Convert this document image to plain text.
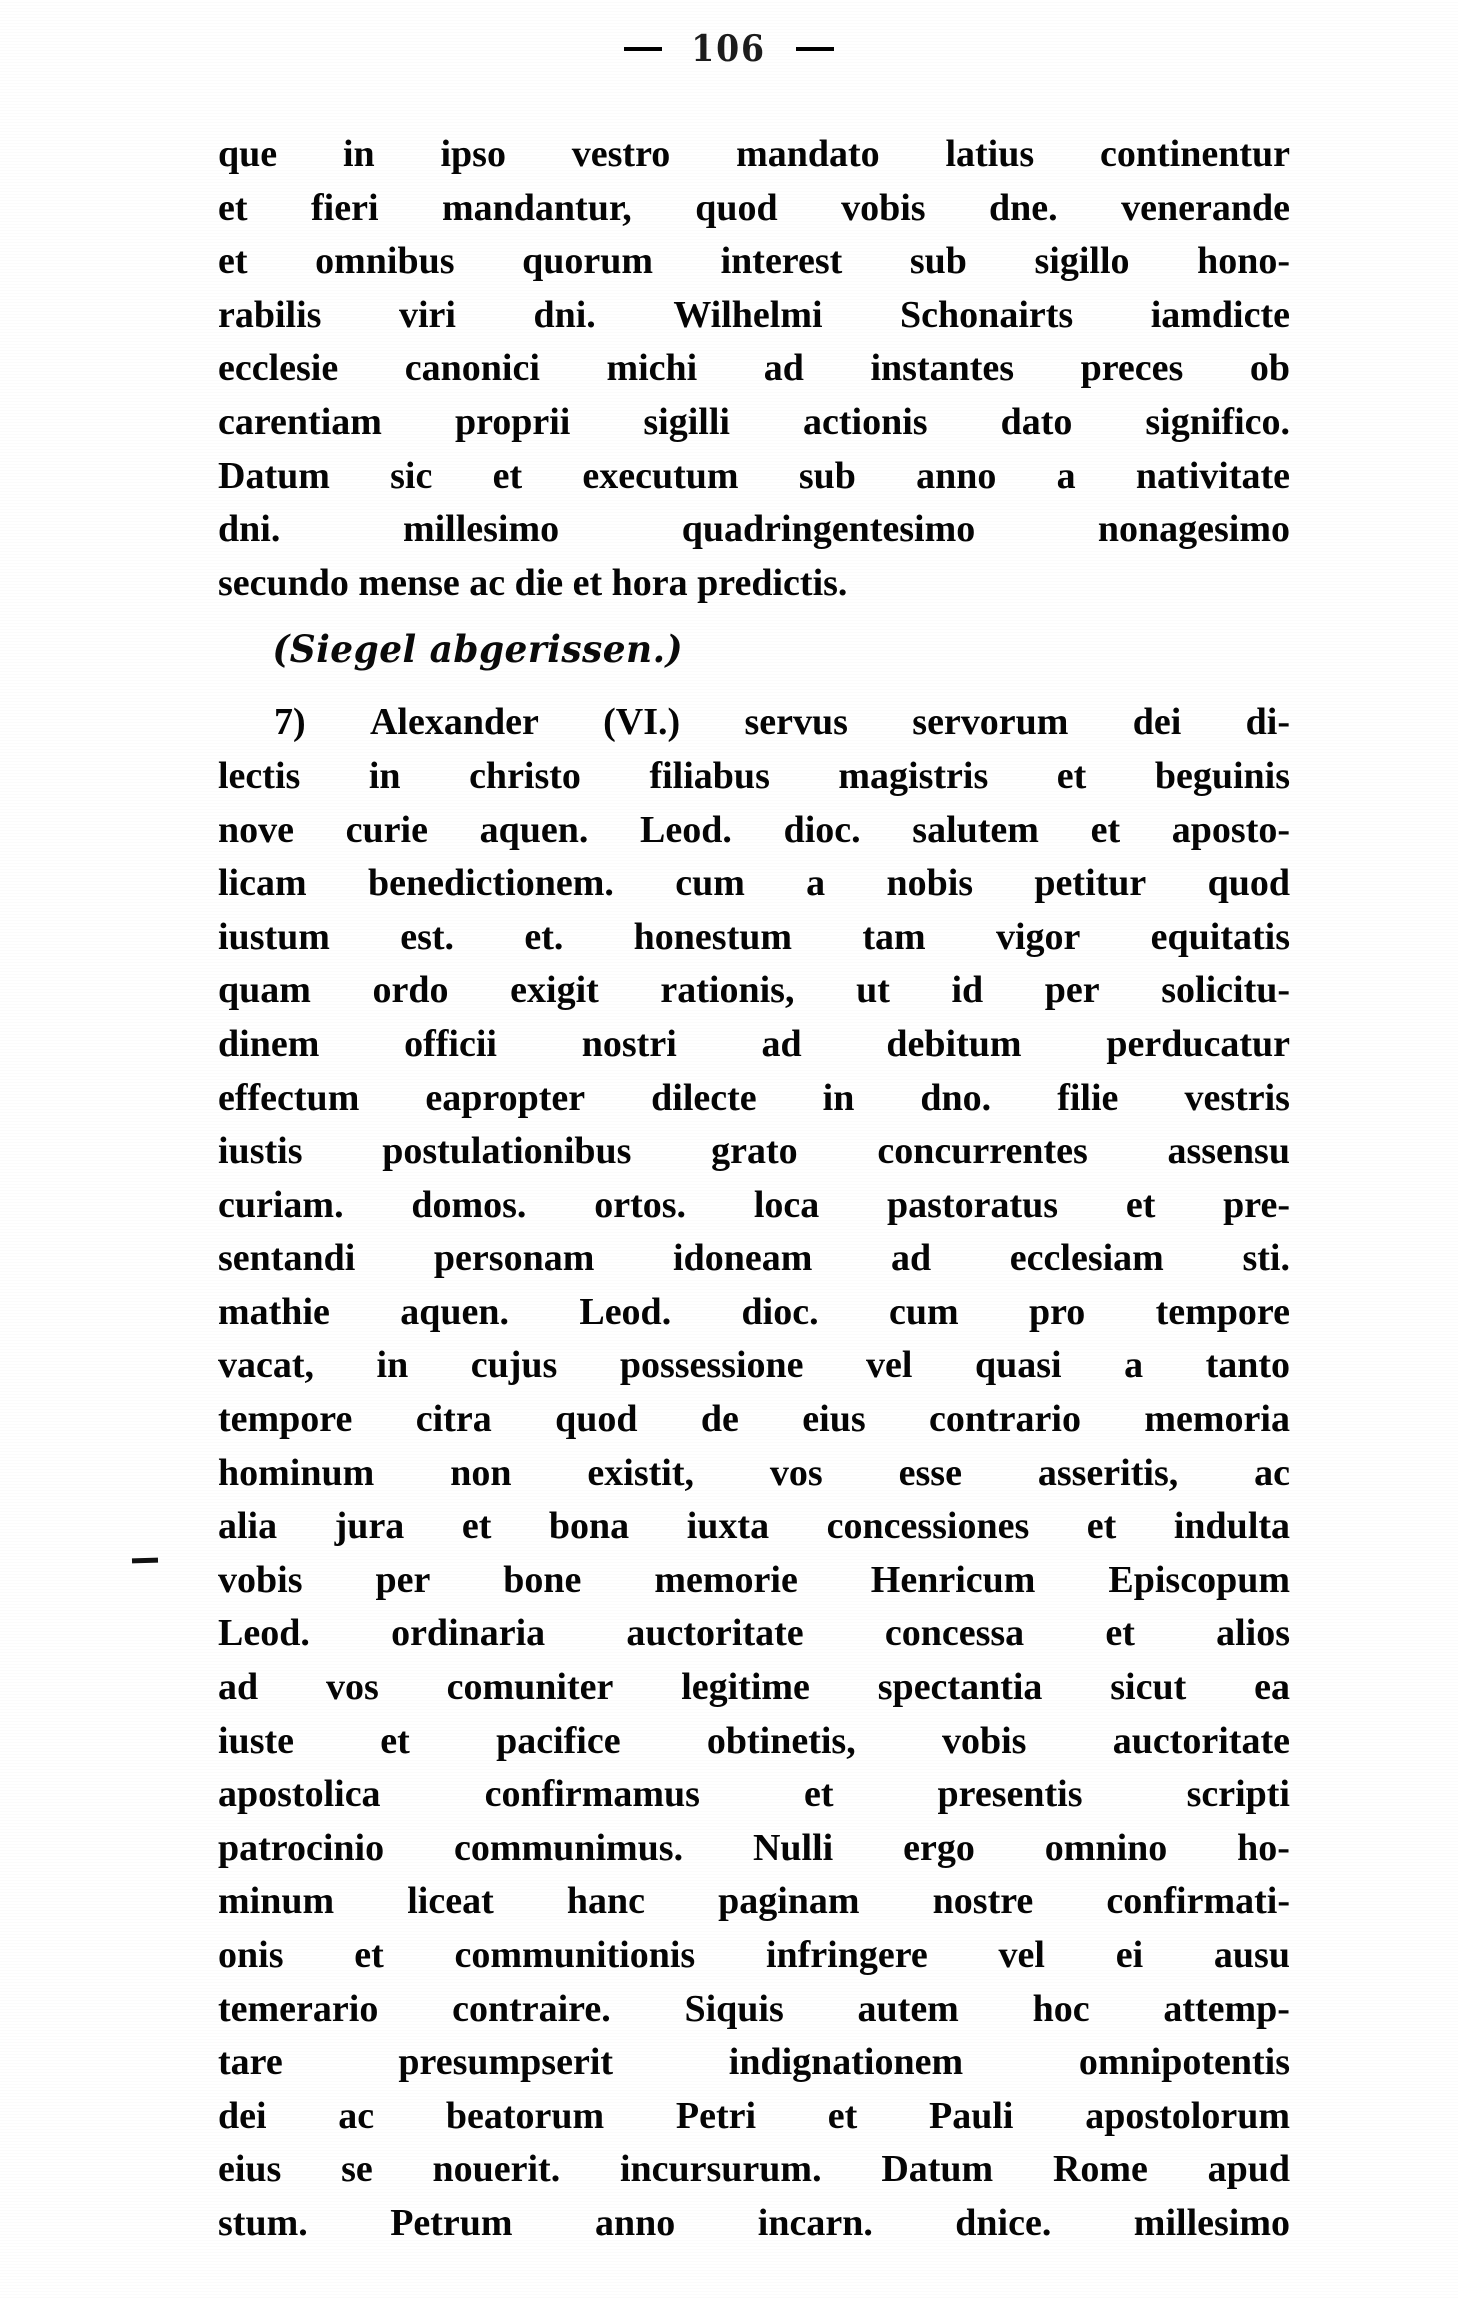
106
que in ipso vestro mandato latius continentur
et fieri mandantur, quod vobis dne. venerande
et omnibus quorum interest sub sigillo hono-
rabilis viri dni. Wilhelmi Schonairts iamdicte
ecclesie canonici michi ad instantes preces ob
carentiam proprii sigilli actionis dato significo.
Datum sic et executum sub anno a nativitate
dni.	millesimo	quadringentesimo	nonagesimo
secundo mense ac die et hora predictis.
(Siegel abgerissen.)
7) Alexander (VI.) servus servorum dei di-
lectis in christo filiabus magistris et beguinis
nove curie aquen. Leod. dioc. salutem et aposto-
licam benedictionem. cum a nobis petitur quod
iustum est. et. honestum tam vigor equitatis
quam ordo exigit rationis, ut id per solicitu-
dinem officii nostri ad debitum perducatur
effectum eapropter dilecte in dno. filie vestris
iustis postulationibus grato concurrentes assensu
curiam. domos. ortos. loca pastoratus et pre-
sentandi personam idoneam ad ecclesiam sti.
mathie aquen. Leod. dioc. cum pro tempore
vacat, in cujus possessione vel quasi a tanto
tempore citra quod de eius contrario memoria
hominum non existit, vos esse asseritis, ac
alia jura et bona iuxta concessiones et indulta
vobis per bone memorie Henricum Episcopum
Leod. ordinaria auctoritate concessa et alios
ad vos comuniter legitime spectantia sicut ea
iuste et pacifice obtinetis, vobis auctoritate
apostolica	confirmamus	et	presentis	scripti
patrocinio communimus. Nulli ergo omnino ho-
minum liceat hanc paginam nostre confirmati-
onis et communitionis infringere vel ei ausu
temerario contraire. Siquis autem hoc attemp-
tare	presumpserit	indignationem	omnipotentis
dei ac beatorum Petri et Pauli apostolorum
eius se nouerit. incursurum. Datum Rome apud
stum. Petrum anno incarn. dnice. millesimo
